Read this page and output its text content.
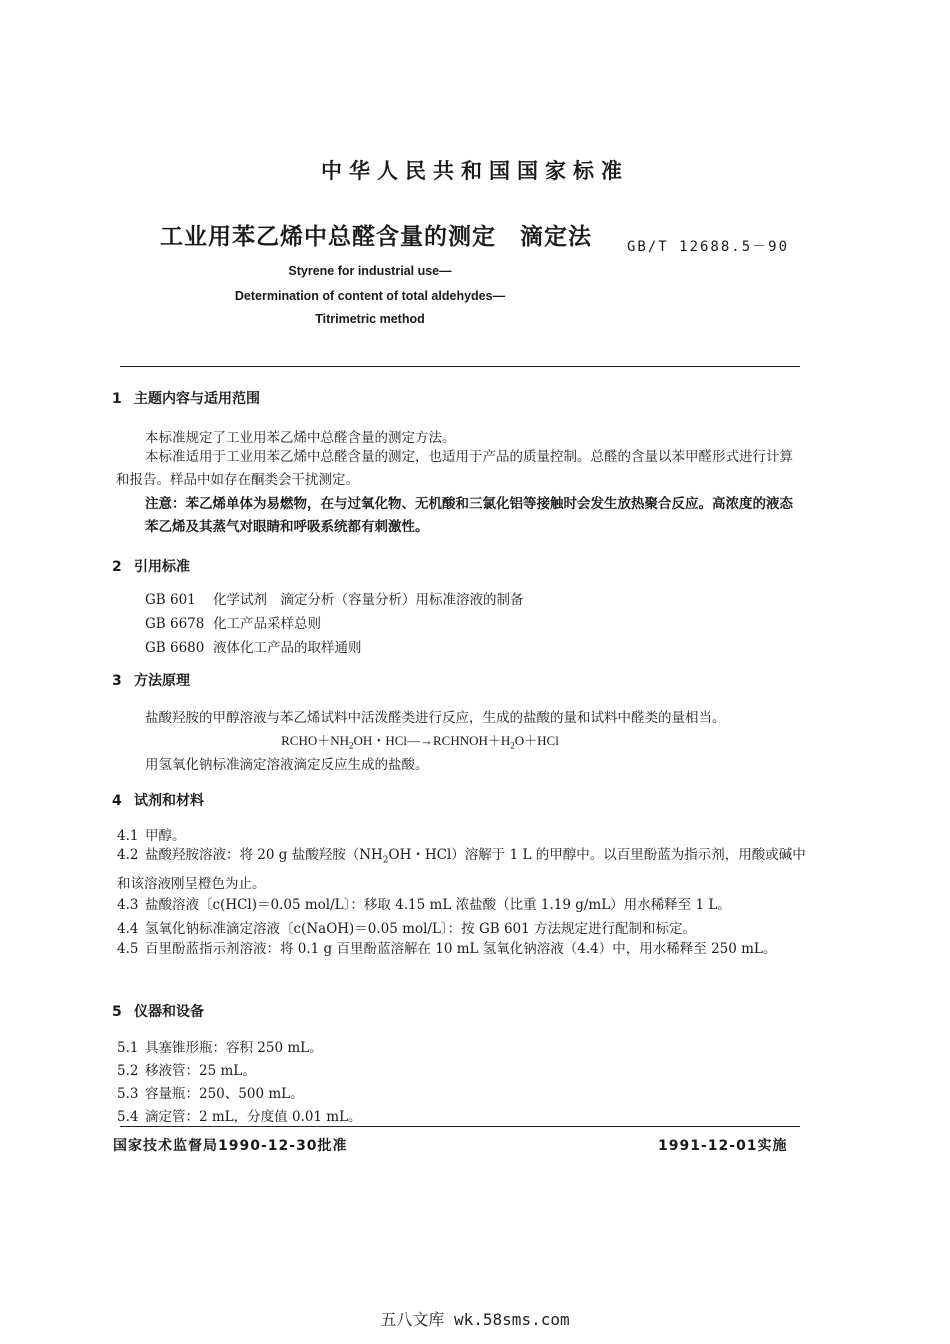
中华人民共和国国家标准
工业用苯乙烯中总醛含量的测定　滴定法	GB/T 12688.5－90
Styrene for industrial use—
Determination of content of total aldehydes—
Titrimetric method
1 主题内容与适用范围
本标准规定了工业用苯乙烯中总醛含量的测定方法。
本标准适用于工业用苯乙烯中总醛含量的测定，也适用于产品的质量控制。总醛的含量以苯甲醛形式进行计算和报告。样品中如存在酮类会干扰测定。
注意：苯乙烯单体为易燃物，在与过氧化物、无机酸和三氯化铝等接触时会发生放热聚合反应。高浓度的液态苯乙烯及其蒸气对眼睛和呼吸系统都有刺激性。
2 引用标准
GB 601 化学试剂　滴定分析（容量分析）用标准溶液的制备
GB 6678 化工产品采样总则
GB 6680 液体化工产品的取样通则
3 方法原理
盐酸羟胺的甲醇溶液与苯乙烯试料中活泼醛类进行反应，生成的盐酸的量和试料中醛类的量相当。
$RCHO+NH_2OH$・$HCl—\to RCHNOH+H_2O+HCl$
用氢氧化钠标准滴定溶液滴定反应生成的盐酸。
4 试剂和材料
4.1 甲醇。
4.2 盐酸羟胺溶液：将 20 g 盐酸羟胺（$NH_2OH$・HCl）溶解于 1 L 的甲醇中。以百里酚蓝为指示剂，用酸或碱中和该溶液刚呈橙色为止。
4.3 盐酸溶液〔c(HCl)＝0.05 mol/L〕：移取 4.15 mL 浓盐酸（比重 1.19 g/mL）用水稀释至 1 L。
4.4 氢氧化钠标准滴定溶液〔c(NaOH)＝0.05 mol/L〕：按 GB 601 方法规定进行配制和标定。
4.5 百里酚蓝指示剂溶液：将 0.1 g 百里酚蓝溶解在 10 mL 氢氧化钠溶液（4.4）中，用水稀释至 250 mL。
5 仪器和设备
5.1 具塞锥形瓶：容积 250 mL。
5.2 移液管：25 mL。
5.3 容量瓶：250、500 mL。
5.4 滴定管：2 mL，分度值 0.01 mL。
国家技术监督局1990-12-30批准	1991-12-01实施
五八文库 wk.58sms.com
